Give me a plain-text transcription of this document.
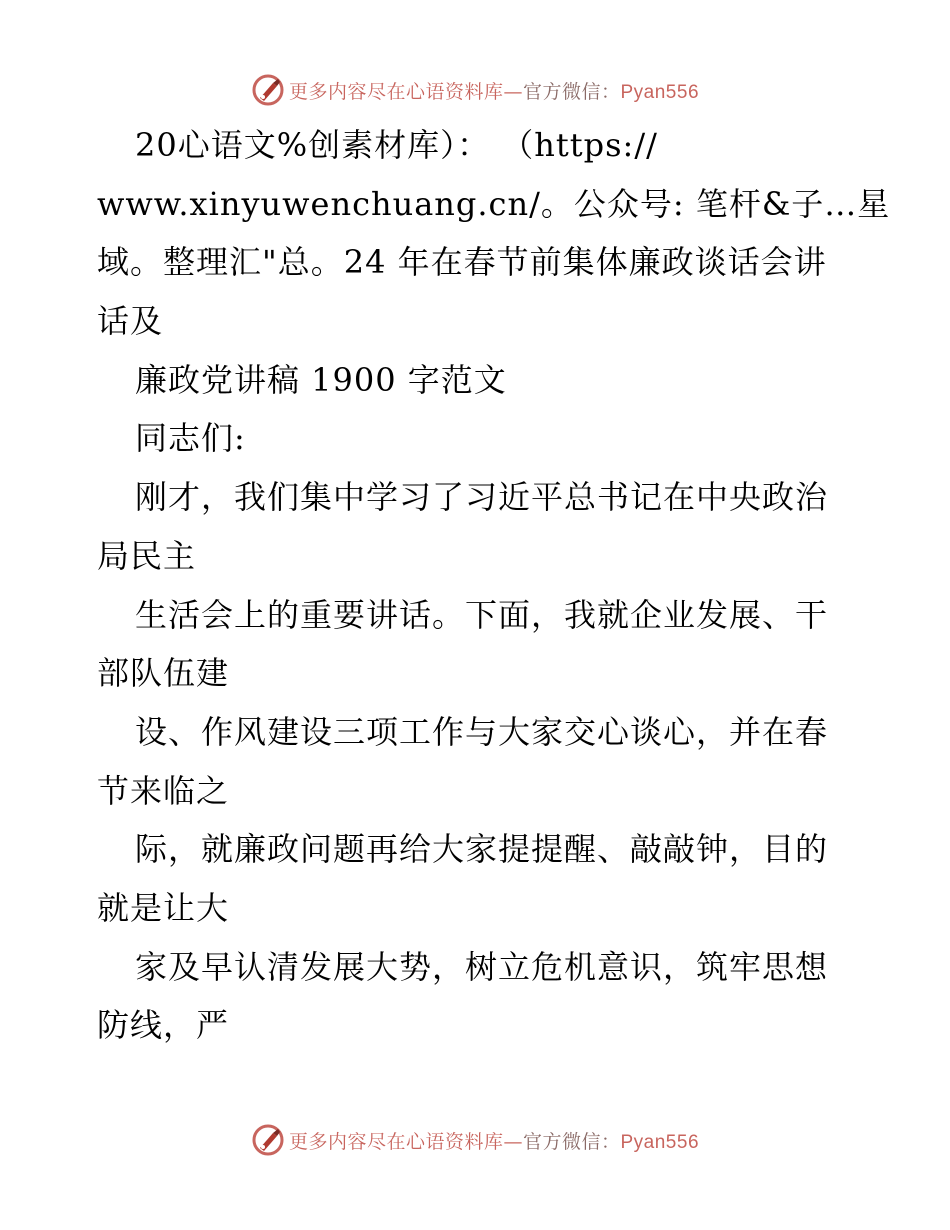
更多内容尽在心语资料库—官方微信：Pyan556
20心语文%创素材库）： （https://
www.xinyuwenchuang.cn/。公众号: 笔杆&子…星
域。整理汇"总。24 年在春节前集体廉政谈话会讲
话及
廉政党讲稿 1900 字范文
同志们:
刚才，我们集中学习了习近平总书记在中央政治
局民主
生活会上的重要讲话。下面，我就企业发展、干
部队伍建
设、作风建设三项工作与大家交心谈心，并在春
节来临之
际，就廉政问题再给大家提提醒、敲敲钟，目的
就是让大
家及早认清发展大势，树立危机意识，筑牢思想
防线，严
更多内容尽在心语资料库—官方微信：Pyan556
